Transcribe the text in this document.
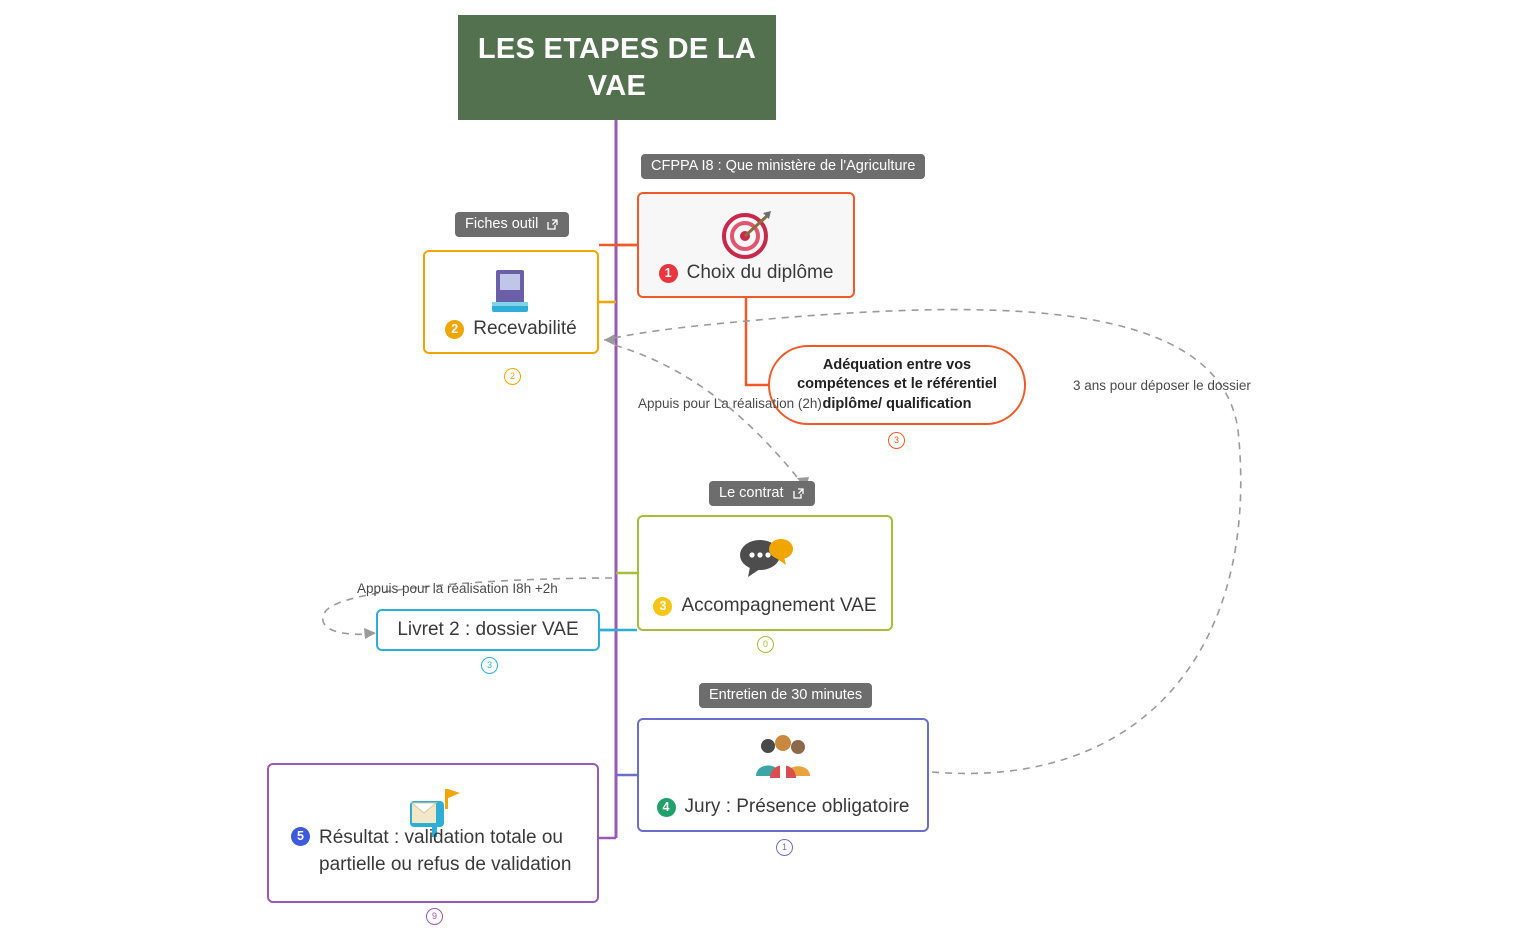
LES ETAPES DE LA VAE
CFPPA I8 : Que ministère de l'Agriculture
1 Choix du diplôme
Fiches outil
2 Recevabilité
2
Adéquation entre vos compétences et le référentiel diplôme/ qualification
3
Le contrat
3 Accompagnement VAE
0
Livret 2 : dossier VAE
3
Entretien de 30 minutes
4 Jury : Présence obligatoire
1
5 Résultat : validation totale ou partielle ou refus de validation
9
3 ans pour déposer le dossier
Appuis pour La réalisation (2h)
Appuis pour la réalisation I8h +2h
